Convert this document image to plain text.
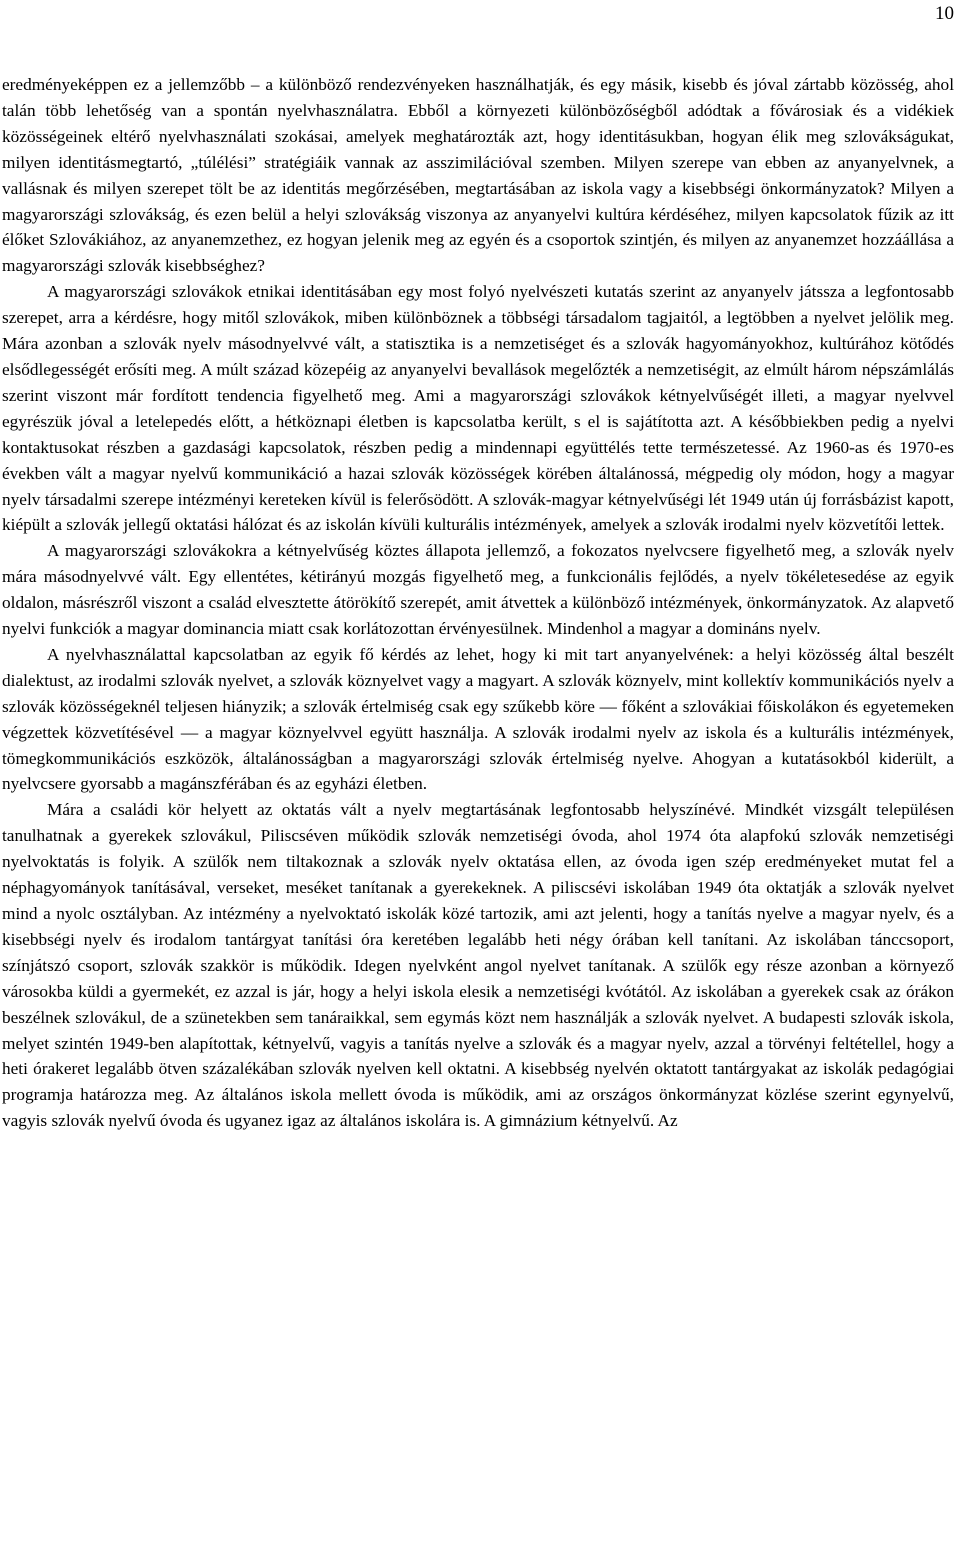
10

eredményeképpen ez a jellemzőbb – a különböző rendezvényeken használhatják, és egy másik, kisebb és jóval zártabb közösség, ahol talán több lehetőség van a spontán nyelvhasználatra. Ebből a környezeti különbözőségből adódtak a fővárosiak és a vidékiek közösségeinek eltérő nyelvhasználati szokásai, amelyek meghatározták azt, hogy identitásukban, hogyan élik meg szlovákságukat, milyen identitásmegtartó, „túlélési” stratégiáik vannak az asszimilációval szemben. Milyen szerepe van ebben az anyanyelvnek, a vallásnak és milyen szerepet tölt be az identitás megőrzésében, megtartásában az iskola vagy a kisebbségi önkormányzatok? Milyen a magyarországi szlovákság, és ezen belül a helyi szlovákság viszonya az anyanyelvi kultúra kérdéséhez, milyen kapcsolatok fűzik az itt élőket Szlovákiához, az anyanemzethez, ez hogyan jelenik meg az egyén és a csoportok szintjén, és milyen az anyanemzet hozzáállása a magyarországi szlovák kisebbséghez?

A magyarországi szlovákok etnikai identitásában egy most folyó nyelvészeti kutatás szerint az anyanyelv játssza a legfontosabb szerepet, arra a kérdésre, hogy mitől szlovákok, miben különböznek a többségi társadalom tagjaitól, a legtöbben a nyelvet jelölik meg. Mára azonban a szlovák nyelv másodnyelvvé vált, a statisztika is a nemzetiséget és a szlovák hagyományokhoz, kultúrához kötődés elsődlegességét erősíti meg. A múlt század közepéig az anyanyelvi bevallások megelőzték a nemzetiségit, az elmúlt három népszámlálás szerint viszont már fordított tendencia figyelhető meg. Ami a magyarországi szlovákok kétnyelvűségét illeti, a magyar nyelvvel egyrészük jóval a letelepedés előtt, a hétköznapi életben is kapcsolatba került, s el is sajátította azt. A későbbiekben pedig a nyelvi kontaktusokat részben a gazdasági kapcsolatok, részben pedig a mindennapi együttélés tette természetessé. Az 1960-as és 1970-es években vált a magyar nyelvű kommunikáció a hazai szlovák közösségek körében általánossá, mégpedig oly módon, hogy a magyar nyelv társadalmi szerepe intézményi kereteken kívül is felerősödött. A szlovák-magyar kétnyelvűségi lét 1949 után új forrásbázist kapott, kiépült a szlovák jellegű oktatási hálózat és az iskolán kívüli kulturális intézmények, amelyek a szlovák irodalmi nyelv közvetítői lettek.

A magyarországi szlovákokra a kétnyelvűség köztes állapota jellemző, a fokozatos nyelvcsere figyelhető meg, a szlovák nyelv mára másodnyelvvé vált. Egy ellentétes, kétirányú mozgás figyelhető meg, a funkcionális fejlődés, a nyelv tökéletesedése az egyik oldalon, másrészről viszont a család elvesztette átörökítő szerepét, amit átvettek a különböző intézmények, önkormányzatok. Az alapvető nyelvi funkciók a magyar dominancia miatt csak korlátozottan érvényesülnek. Mindenhol a magyar a domináns nyelv.

A nyelvhasználattal kapcsolatban az egyik fő kérdés az lehet, hogy ki mit tart anyanyelvének: a helyi közösség által beszélt dialektust, az irodalmi szlovák nyelvet, a szlovák köznyelvet vagy a magyart. A szlovák köznyelv, mint kollektív kommunikációs nyelv a szlovák közösségeknél teljesen hiányzik; a szlovák értelmiség csak egy szűkebb köre — főként a szlovákiai főiskolákon és egyetemeken végzettek közvetítésével — a magyar köznyelvvel együtt használja. A szlovák irodalmi nyelv az iskola és a kulturális intézmények, tömegkommunikációs eszközök, általánosságban a magyarországi szlovák értelmiség nyelve. Ahogyan a kutatásokból kiderült, a nyelvcsere gyorsabb a magánszférában és az egyházi életben.

Mára a családi kör helyett az oktatás vált a nyelv megtartásának legfontosabb helyszínévé. Mindkét vizsgált településen tanulhatnak a gyerekek szlovákul, Piliscséven működik szlovák nemzetiségi óvoda, ahol 1974 óta alapfokú szlovák nemzetiségi nyelvoktatás is folyik. A szülők nem tiltakoznak a szlovák nyelv oktatása ellen, az óvoda igen szép eredményeket mutat fel a néphagyományok tanításával, verseket, meséket tanítanak a gyerekeknek. A piliscsévi iskolában 1949 óta oktatják a szlovák nyelvet mind a nyolc osztályban. Az intézmény a nyelvoktató iskolák közé tartozik, ami azt jelenti, hogy a tanítás nyelve a magyar nyelv, és a kisebbségi nyelv és irodalom tantárgyat tanítási óra keretében legalább heti négy órában kell tanítani. Az iskolában tánccsoport, színjátszó csoport, szlovák szakkör is működik. Idegen nyelvként angol nyelvet tanítanak. A szülők egy része azonban a környező városokba küldi a gyermekét, ez azzal is jár, hogy a helyi iskola elesik a nemzetiségi kvótától. Az iskolában a gyerekek csak az órákon beszélnek szlovákul, de a szünetekben sem tanáraikkal, sem egymás közt nem használják a szlovák nyelvet. A budapesti szlovák iskola, melyet szintén 1949-ben alapítottak, kétnyelvű, vagyis a tanítás nyelve a szlovák és a magyar nyelv, azzal a törvényi feltétellel, hogy a heti órakeret legalább ötven százalékában szlovák nyelven kell oktatni. A kisebbség nyelvén oktatott tantárgyakat az iskolák pedagógiai programja határozza meg. Az általános iskola mellett óvoda is működik, ami az országos önkormányzat közlése szerint egynyelvű, vagyis szlovák nyelvű óvoda és ugyanez igaz az általános iskolára is. A gimnázium kétnyelvű. Az
